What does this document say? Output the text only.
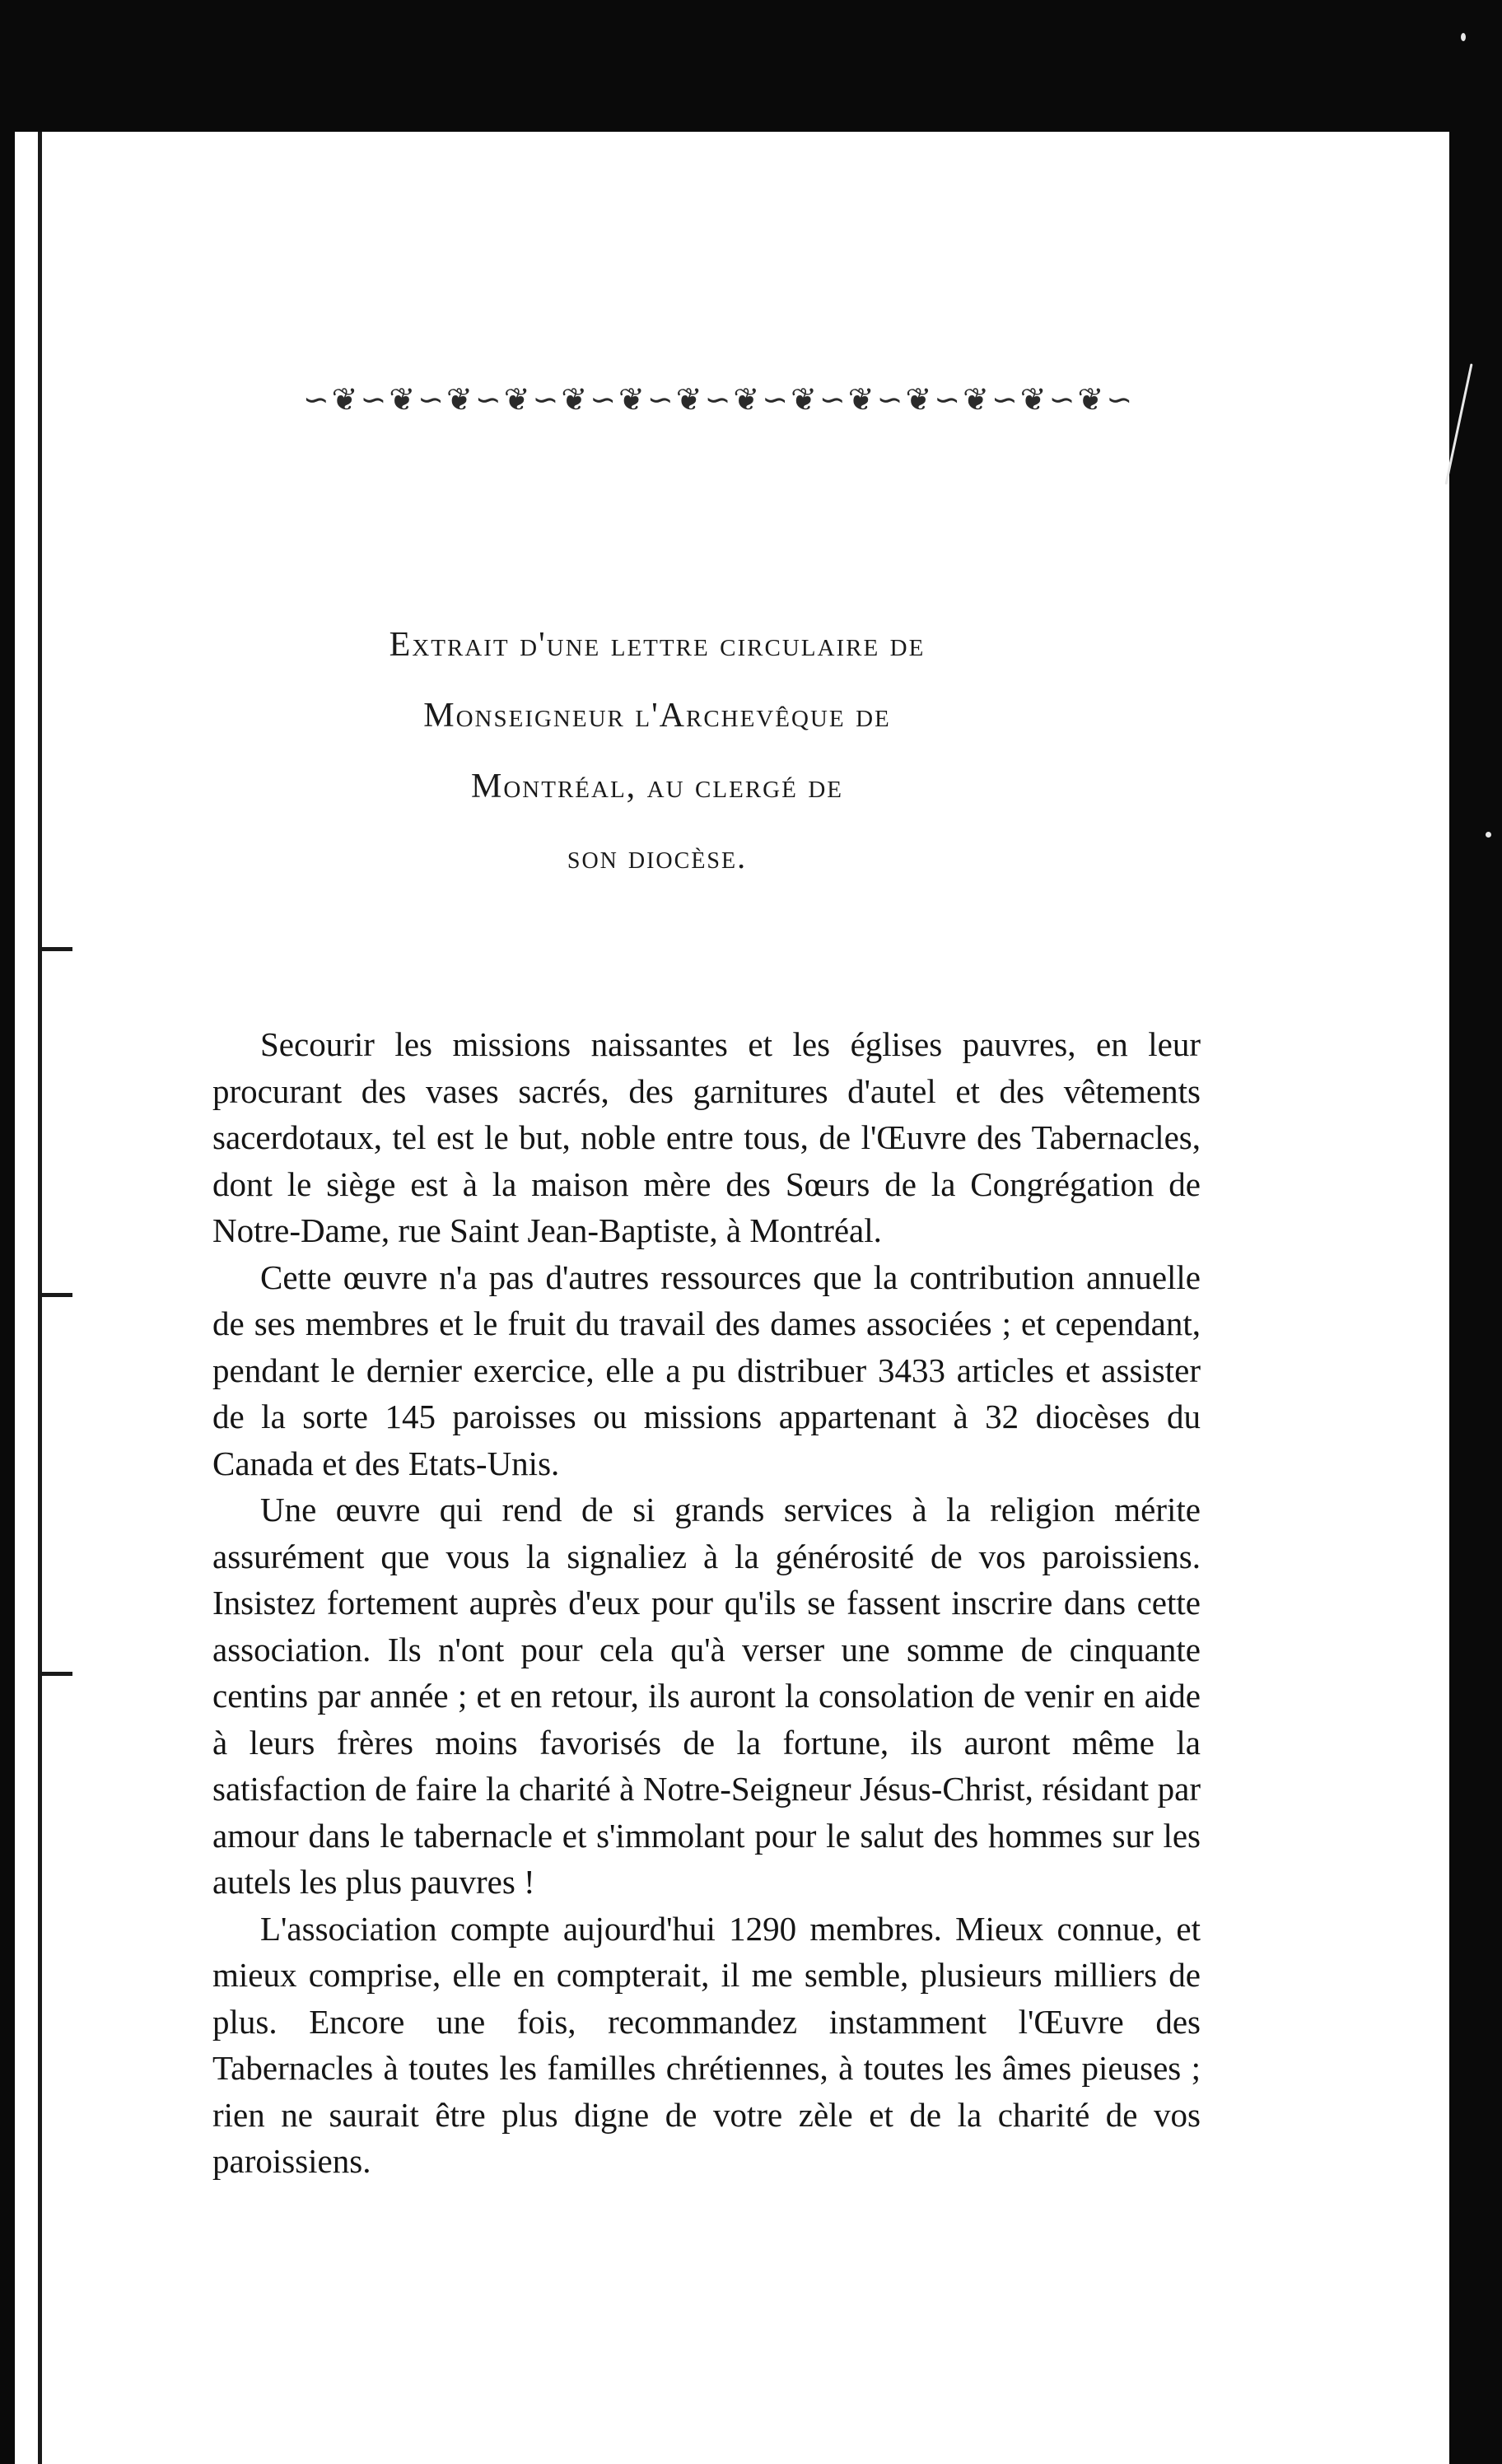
∽❦∽❦∽❦∽❦∽❦∽❦∽❦∽❦∽❦∽❦∽❦∽❦∽❦∽❦∽
Extrait d'une lettre circulaire de
Monseigneur l'Archevêque de
Montréal, au clergé de
son diocèse.

Secourir les missions naissantes et les églises pauvres, en leur procurant des vases sacrés, des garnitures d'autel et des vêtements sacerdotaux, tel est le but, noble entre tous, de l'Œuvre des Tabernacles, dont le siège est à la maison mère des Sœurs de la Congrégation de Notre-Dame, rue Saint Jean-Baptiste, à Montréal.

Cette œuvre n'a pas d'autres ressources que la contribution annuelle de ses membres et le fruit du travail des dames associées ; et cependant, pendant le dernier exercice, elle a pu distribuer 3433 articles et assister de la sorte 145 paroisses ou missions appartenant à 32 diocèses du Canada et des Etats-Unis.

Une œuvre qui rend de si grands services à la religion mérite assurément que vous la signaliez à la générosité de vos paroissiens. Insistez fortement auprès d'eux pour qu'ils se fassent inscrire dans cette association. Ils n'ont pour cela qu'à verser une somme de cinquante centins par année ; et en retour, ils auront la consolation de venir en aide à leurs frères moins favorisés de la fortune, ils auront même la satisfaction de faire la charité à Notre-Seigneur Jésus-Christ, résidant par amour dans le tabernacle et s'immolant pour le salut des hommes sur les autels les plus pauvres !

L'association compte aujourd'hui 1290 membres. Mieux connue, et mieux comprise, elle en compterait, il me semble, plusieurs milliers de plus. Encore une fois, recommandez instamment l'Œuvre des Tabernacles à toutes les familles chrétiennes, à toutes les âmes pieuses ; rien ne saurait être plus digne de votre zèle et de la charité de vos paroissiens.
